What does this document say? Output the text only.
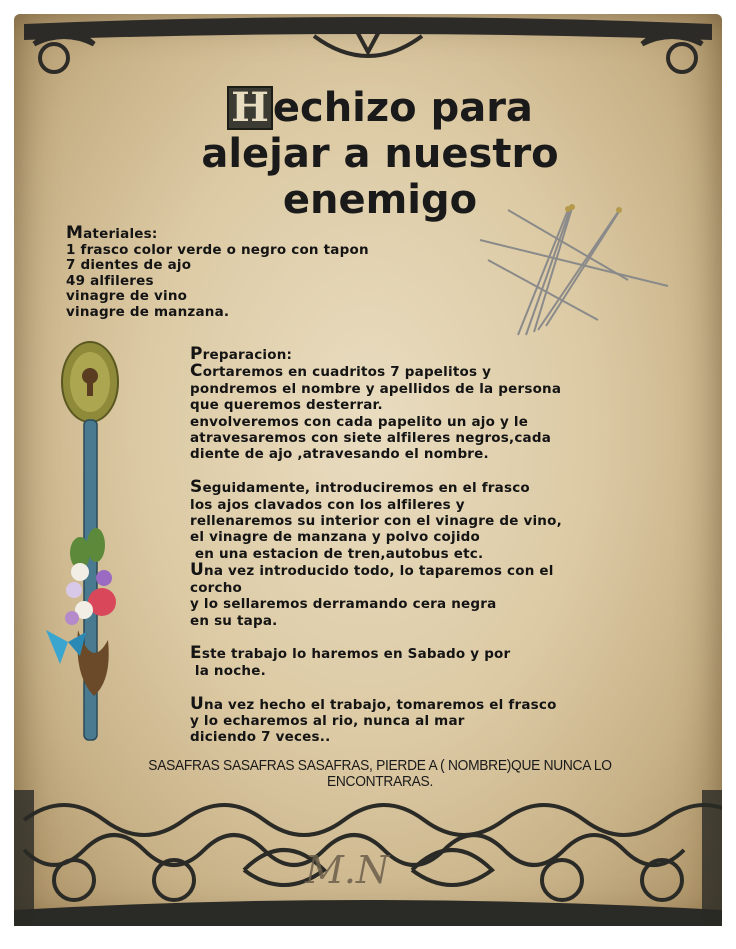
H echizo para
alejar a nuestro
enemigo
Materiales:
1 frasco color verde o negro con tapon
7 dientes de ajo
49 alfileres
vinagre de vino
vinagre de manzana.
Preparacion:
Cortaremos en cuadritos 7 papelitos y
pondremos el nombre y apellidos de la persona
que queremos desterrar.
envolveremos con cada papelito un ajo y le
atravesaremos con siete alfileres negros,cada
diente de ajo ,atravesando el nombre.

Seguidamente, introduciremos en el frasco
los ajos clavados con los alfileres y
rellenaremos su interior con el vinagre de vino,
el vinagre de manzana y polvo cojido
en una estacion de tren,autobus etc.
Una vez introducido todo, lo taparemos con el
corcho
y lo sellaremos derramando cera negra
en su tapa.

Este trabajo lo haremos en Sabado y por
la noche.

Una vez hecho el trabajo, tomaremos el frasco
y lo echaremos al rio, nunca al mar
diciendo 7 veces..
SASAFRAS SASAFRAS SASAFRAS, PIERDE A ( NOMBRE)QUE NUNCA LO ENCONTRARAS.
M.N
